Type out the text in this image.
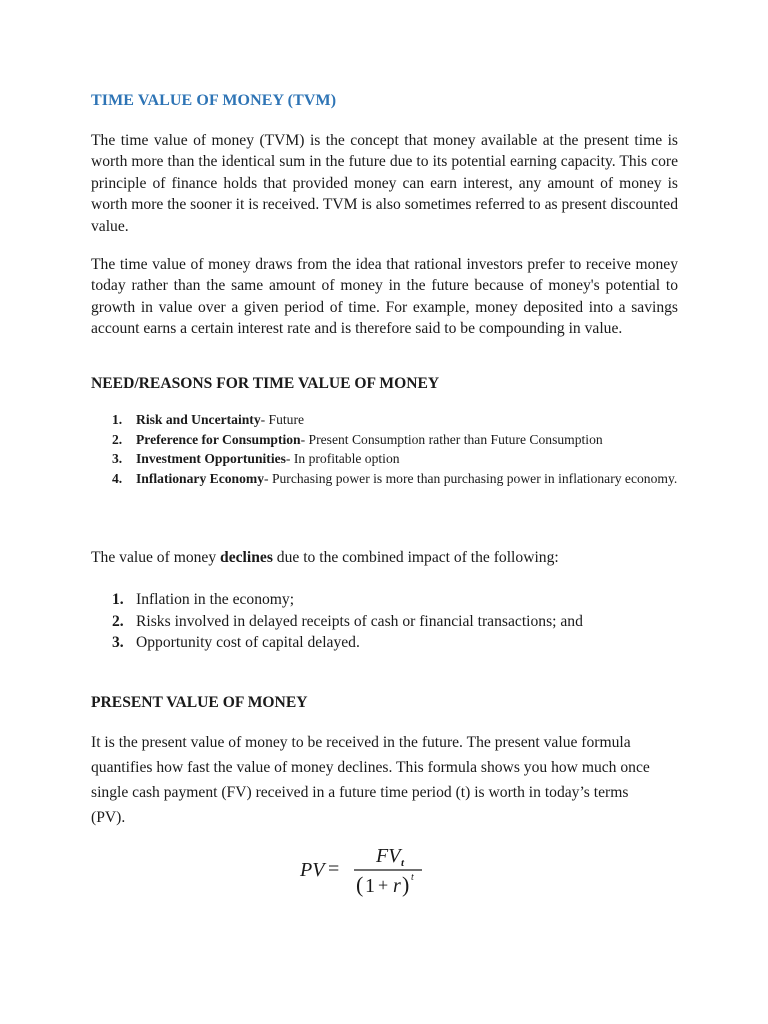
TIME VALUE OF MONEY (TVM)

The time value of money (TVM) is the concept that money available at the present time is worth more than the identical sum in the future due to its potential earning capacity. This core principle of finance holds that provided money can earn interest, any amount of money is worth more the sooner it is received. TVM is also sometimes referred to as present discounted value.

The time value of money draws from the idea that rational investors prefer to receive money today rather than the same amount of money in the future because of money's potential to growth in value over a given period of time. For example, money deposited into a savings account earns a certain interest rate and is therefore said to be compounding in value.

NEED/REASONS FOR TIME VALUE OF MONEY
1. Risk and Uncertainty- Future
2. Preference for Consumption- Present Consumption rather than Future Consumption
3. Investment Opportunities- In profitable option
4. Inflationary Economy- Purchasing power is more than purchasing power in inflationary economy.

The value of money declines due to the combined impact of the following:

1. Inflation in the economy;
2. Risks involved in delayed receipts of cash or financial transactions; and
3. Opportunity cost of capital delayed.
PRESENT VALUE OF MONEY

It is the present value of money to be received in the future. The present value formula quantifies how fast the value of money declines. This formula shows you how much once single cash payment (FV) received in a future time period (t) is worth in today’s terms (PV).

PV =
FV t
( 1 + r ) t
